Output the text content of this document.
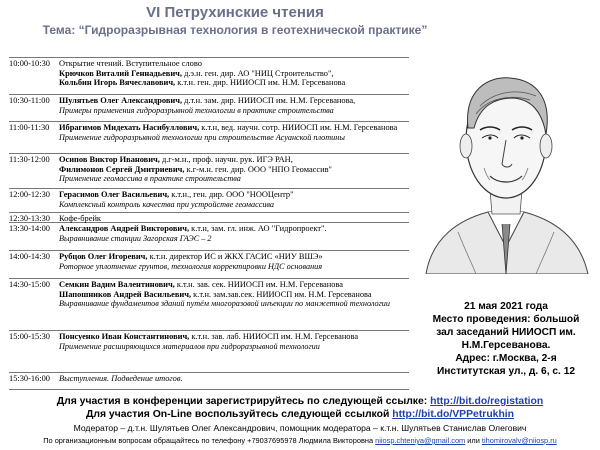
VI Петрухинские чтения
Тема: “Гидроразрывная технология в геотехнической практике”
10:00-10:30 Открытие чтений. Вступительное слово
Крючков Виталий Геннадьевич, д.э.н. ген. дир. АО "НИЦ Строительство",
Кольбин Игорь Вячеславович, к.т.н. ген. дир. НИИОСП им. Н.М. Герсеванова
10:30-11:00 Шулятьев Олег Александрович, д.т.н. зам. дир. НИИОСП им. Н.М. Герсеванова,
Примеры применения гидроразрывной технологии в практике строительства
11:00-11:30 Ибрагимов Мидехать Насибуллович, к.т.н, вед. научн. сотр. НИИОСП им. Н.М. Герсеванова
Применение гидроразрывной технологии при строительстве Асуанской плотины
11:30-12:00 Осипов Виктор Иванович, д.г-м.н., проф. научн. рук. ИГЭ РАН,
Филимонов Сергей Дмитриевич, к.г-м.н. ген. дир. ООО "НПО Геомассив"
Применение геомассива в практике строительства
12:00-12:30 Герасимов Олег Васильевич, к.т.н., ген. дир. ООО "НООЦентр"
Комплексный контроль качества при устройстве геомассива
12:30-13:30 Кофе-брейк
13:30-14:00 Александров Андрей Викторович, к.т.н, зам. гл. инж. АО "Гидропроект".
Выравнивание станции Загорская ГАЭС – 2
14:00-14:30 Рубцов Олег Игоревич, к.т.н. директор ИС и ЖКХ ГАСИС «НИУ ВШЭ»
Роторное уплотнение грунтов, технология корректировки НДС основания
14:30-15:00 Семкин Вадим Валентинович, к.т.н. зав. сек. НИИОСП им. Н.М. Герсеванова
Шапошников Андрей Васильевич, к.т.н. зам.зав.сек. НИИОСП им. Н.М. Герсеванова
Выравнивание фундаментов зданий путём многоразовой инъекции по манжетной технологии
15:00-15:30 Понсуенко Иван Константинович, к.т.н. зав. лаб. НИИОСП им. Н.М. Герсеванова
Применение расширяющихся материалов при гидроразрывной технологии
15:30-16:00 Выступления. Подведение итогов.
21 мая 2021 года
Место проведения: большой
зал заседаний НИИОСП им.
Н.М.Герсеванова.
Адрес: г.Москва, 2-я
Институтская ул., д. 6, с. 12
Для участия в конференции зарегистрируйтесь по следующей ссылке: http://bit.do/registation
Для участия On-Line воспользуйтесь следующей ссылкой http://bit.do/VPPetrukhin
Модератор – д.т.н. Шулятьев Олег Александрович, помощник модератора – к.т.н. Шулятьев Станислав Олегович
По организационным вопросам обращайтесь по телефону +79037695978 Людмила Викторовна niiosp.chteniya@gmail.com или tihomirovalv@niiosp.ru
